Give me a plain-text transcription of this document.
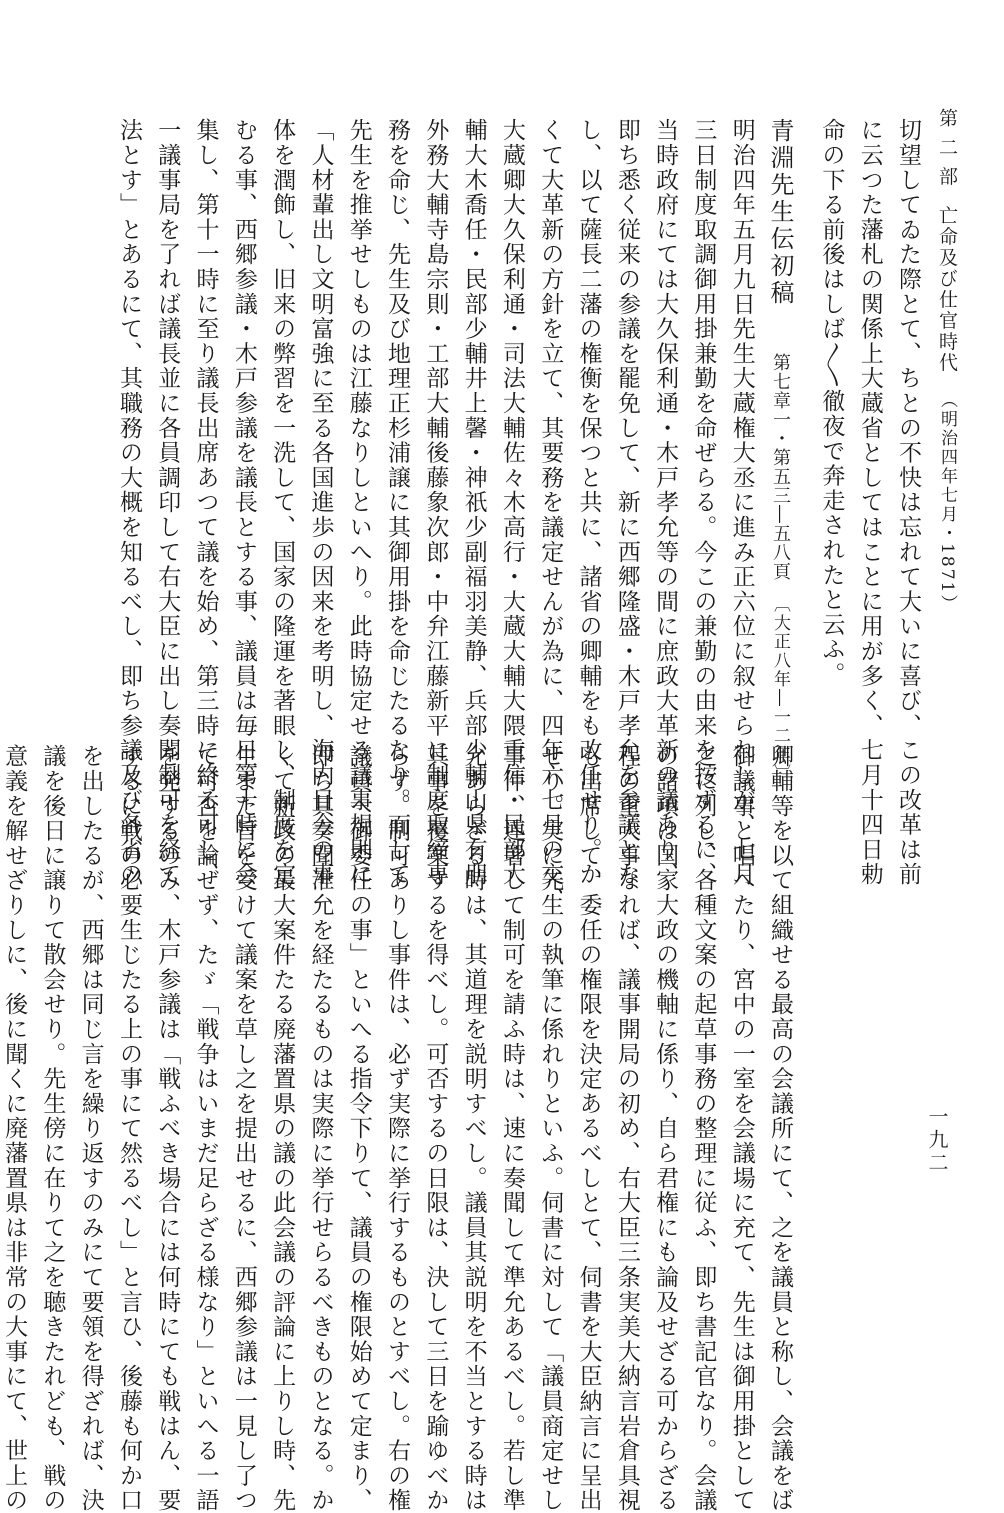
第 二 部亡命及び仕官時代（明治四年七月・1871）
一九二
切望してゐた際とて、ちとの不快は忘れて大いに喜び、この改革は前
に云つた藩札の関係上大蔵省としてはことに用が多く、七月十四日勅
命の下る前後はしば〳〵徹夜で奔走されたと云ふ。
青淵先生伝初稿第七章一・第五三―五八頁〔大正八年―一二年〕
明治四年五月九日先生大蔵権大丞に進み正六位に叙せられしが、七月
三日制度取調御用掛兼勤を命ぜらる。今この兼勤の由来を按ずるに、
当時政府にては大久保利通・木戸孝允等の間に庶政大革新の議あり、
即ち悉く従来の参議を罷免して、新に西郷隆盛・木戸孝允を参議とな
し、以て薩長二藩の権衡を保つと共に、諸省の卿輔をも改任せり。か
くて大革新の方針を立て、其要務を議定せんが為に、四年六七月の交、
大蔵卿大久保利通・司法大輔佐々木高行・大蔵大輔大隈重信・民部大
輔大木喬任・民部少輔井上馨・神祇少副福羽美静、兵部少輔山県有朋
外務大輔寺島宗則・工部大輔後藤象次郎・中弁江藤新平に制度取締専
務を命じ、先生及び地理正杉浦譲に其御用掛を命じたるなり。而して
先生を推挙せしものは江藤なりしといへり。此時協定せる議事規則に
「人材輩出し文明富強に至る各国進歩の因来を考明し、海内目今の事
体を潤飾し、旧来の弊習を一洗して、国家の隆運を著眼し、制度を定
むる事、西郷参議・木戸参議を議長とする事、議員は毎日第十時に会
集し、第十一時に至り議長出席あつて議を始め、第三時に終る可し、
一議事局を了れば議長並に各員調印して右大臣に出し奏聞制可を経て
法とす」とあるにて、其職務の大概を知るべし、即ち参議及び各省の
卿輔等を以て組織せる最高の会議所にて、之を議員と称し、会議をば
御議事と唱へたり、宮中の一室を会議場に充て、先生は御用掛として
之に列し、各種文案の起草事務の整理に従ふ、即ち書記官なり。会議
の諸項は国家大政の機軸に係り、自ら君権にも論及せざる可からざる
程の重大事なれば、議事開局の初め、右大臣三条実美大納言岩倉具視
も出席して、委任の権限を決定あるべしとて、伺書を大臣納言に呈出
せり。実に先生の執筆に係れりといふ。伺書に対して「議員商定せし
事件、連署して制可を請ふ時は、速に奏聞して準允あるべし。若し準
允あらざる時は、其道理を説明すべし。議員其説明を不当とする時は
其事を覆案するを得べし。可否するの日限は、決して三日を踰ゆべか
らず。制可ありし事件は、必ず実際に挙行するものとすべし。右の権
議員へ御委任の事」といへる指令下りて、議員の権限始めて定まり、
即ち其奏聞准允を経たるものは実際に挙行せらるべきものとなる。か
くて新政の最大案件たる廃藩置県の議の此会議の評論に上りし時、先
生また旨を受けて議案を草し之を提出せるに、西郷参議は一見し了つ
て可否を論ぜず、たゞ「戦争はいまだ足らざる様なり」といへる一語
を発するのみ、木戸参議は「戦ふべき場合には何時にても戦はん、要
するに戦の必要生じたる上の事にて然るべし」と言ひ、後藤も何か口
を出したるが、西郷は同じ言を繰り返すのみにて要領を得ざれば、決
議を後日に譲りて散会せり。先生傍に在りて之を聴きたれども、戦の
意義を解せざりしに、後に聞くに廃藩置県は非常の大事にて、世上の
